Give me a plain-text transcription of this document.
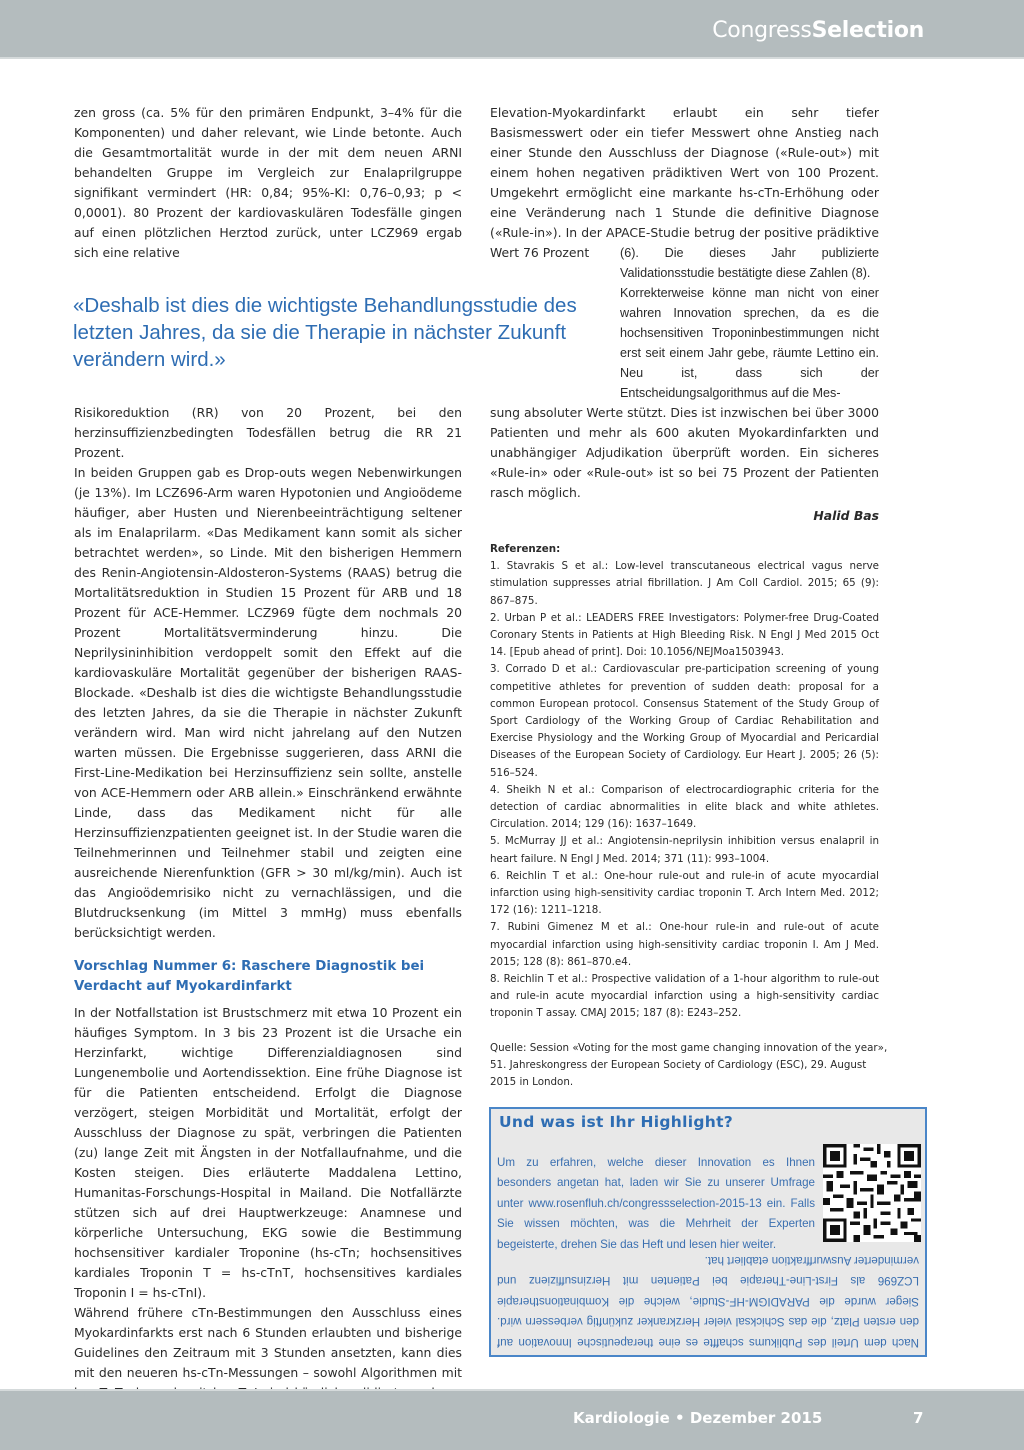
CongressSelection

zen gross (ca. 5% für den primären Endpunkt, 3–4% für die Komponenten) und daher relevant, wie Linde betonte. Auch die Gesamtmortalität wurde in der mit dem neuen ARNI behandelten Gruppe im Vergleich zur Enalaprilgruppe signifikant vermindert (HR: 0,84; 95%-KI: 0,76–0,93; p < 0,0001). 80 Prozent der kardiovaskulären Todesfälle gingen auf einen plötzlichen Herztod zurück, unter LCZ969 ergab sich eine relative

Elevation-Myokardinfarkt erlaubt ein sehr tiefer Basismesswert oder ein tiefer Messwert ohne Anstieg nach einer Stunde den Ausschluss der Diagnose («Rule-out») mit einem hohen negativen prädiktiven Wert von 100 Prozent. Umgekehrt ermöglicht eine markante hs-cTn-Erhöhung oder eine Veränderung nach 1 Stunde die definitive Diagnose («Rule-in»). In der APACE-Studie betrug der positive prädiktive Wert 76 Prozent

«Deshalb ist dies die wichtigste Behandlungsstudie des letzten Jahres, da sie die Therapie in nächster Zukunft verändern wird.»

(6). Die dieses Jahr publizierte Validationsstudie bestätigte diese Zahlen (8).

Korrekterweise könne man nicht von einer wahren Innovation sprechen, da es die hochsensitiven Troponinbestimmungen nicht erst seit einem Jahr gebe, räumte Lettino ein. Neu ist, dass sich der Entscheidungsalgorithmus auf die Mes-

Risikoreduktion (RR) von 20 Prozent, bei den herzinsuffizienzbedingten Todesfällen betrug die RR 21 Prozent.

In beiden Gruppen gab es Drop-outs wegen Nebenwirkungen (je 13%). Im LCZ696-Arm waren Hypotonien und Angioödeme häufiger, aber Husten und Nierenbeeinträchtigung seltener als im Enalaprilarm. «Das Medikament kann somit als sicher betrachtet werden», so Linde. Mit den bisherigen Hemmern des Renin-Angiotensin-Aldosteron-Systems (RAAS) betrug die Mortalitätsreduktion in Studien 15 Prozent für ARB und 18 Prozent für ACE-Hemmer. LCZ969 fügte dem nochmals 20 Prozent Mortalitätsverminderung hinzu. Die Neprilysininhibition verdoppelt somit den Effekt auf die kardiovaskuläre Mortalität gegenüber der bisherigen RAAS-Blockade. «Deshalb ist dies die wichtigste Behandlungsstudie des letzten Jahres, da sie die Therapie in nächster Zukunft verändern wird. Man wird nicht jahrelang auf den Nutzen warten müssen. Die Ergebnisse suggerieren, dass ARNI die First-Line-Medikation bei Herzinsuffizienz sein sollte, anstelle von ACE-Hemmern oder ARB allein.» Einschränkend erwähnte Linde, dass das Medikament nicht für alle Herzinsuffizienzpatienten geeignet ist. In der Studie waren die Teilnehmerinnen und Teilnehmer stabil und zeigten eine ausreichende Nierenfunktion (GFR > 30 ml/kg/min). Auch ist das Angioödemrisiko nicht zu vernachlässigen, und die Blutdrucksenkung (im Mittel 3 mmHg) muss ebenfalls berücksichtigt werden.

Vorschlag Nummer 6: Raschere Diagnostik bei Verdacht auf Myokardinfarkt

In der Notfallstation ist Brustschmerz mit etwa 10 Prozent ein häufiges Symptom. In 3 bis 23 Prozent ist die Ursache ein Herzinfarkt, wichtige Differenzialdiagnosen sind Lungenembolie und Aortendissektion. Eine frühe Diagnose ist für die Patienten entscheidend. Erfolgt die Diagnose verzögert, steigen Morbidität und Mortalität, erfolgt der Ausschluss der Diagnose zu spät, verbringen die Patienten (zu) lange Zeit mit Ängsten in der Notfallaufnahme, und die Kosten steigen. Dies erläuterte Maddalena Lettino, Humanitas-Forschungs-Hospital in Mailand. Die Notfallärzte stützen sich auf drei Hauptwerkzeuge: Anamnese und körperliche Untersuchung, EKG sowie die Bestimmung hochsensitiver kardialer Troponine (hs-cTn; hochsensitives kardiales Troponin T = hs-cTnT, hochsensitives kardiales Troponin I = hs-cTnI).

Während frühere cTn-Bestimmungen den Ausschluss eines Myokardinfarkts erst nach 6 Stunden erlaubten und bisherige Guidelines den Zeitraum mit 3 Stunden ansetzten, kann dies mit den neueren hs-cTn-Messungen – sowohl Algorithmen mit

sung absoluter Werte stützt. Dies ist inzwischen bei über 3000 Patienten und mehr als 600 akuten Myokardinfarkten und unabhängiger Adjudikation überprüft worden. Ein sicheres «Rule-in» oder «Rule-out» ist so bei 75 Prozent der Patienten rasch möglich.

Halid Bas

Referenzen:

1. Stavrakis S et al.: Low-level transcutaneous electrical vagus nerve stimulation suppresses atrial fibrillation. J Am Coll Cardiol. 2015; 65 (9): 867–875.

2. Urban P et al.: LEADERS FREE Investigators: Polymer-free Drug-Coated Coronary Stents in Patients at High Bleeding Risk. N Engl J Med 2015 Oct 14. [Epub ahead of print]. Doi: 10.1056/NEJMoa1503943.

3. Corrado D et al.: Cardiovascular pre-participation screening of young competitive athletes for prevention of sudden death: proposal for a common European protocol. Consensus Statement of the Study Group of Sport Cardiology of the Working Group of Cardiac Rehabilitation and Exercise Physiology and the Working Group of Myocardial and Pericardial Diseases of the European Society of Cardiology. Eur Heart J. 2005; 26 (5): 516–524.

4. Sheikh N et al.: Comparison of electrocardiographic criteria for the detection of cardiac abnormalities in elite black and white athletes. Circulation. 2014; 129 (16): 1637–1649.

5. McMurray JJ et al.: Angiotensin-neprilysin inhibition versus enalapril in heart failure. N Engl J Med. 2014; 371 (11): 993–1004.

6. Reichlin T et al.: One-hour rule-out and rule-in of acute myocardial infarction using high-sensitivity cardiac troponin T. Arch Intern Med. 2012; 172 (16): 1211–1218.

7. Rubini Gimenez M et al.: One-hour rule-in and rule-out of acute myocardial infarction using high-sensitivity cardiac troponin I. Am J Med. 2015; 128 (8): 861–870.e4.

8. Reichlin T et al.: Prospective validation of a 1-hour algorithm to rule-out and rule-in acute myocardial infarction using a high-sensitivity cardiac troponin T assay. CMAJ 2015; 187 (8): E243–252.

Quelle: Session «Voting for the most game changing innovation of the year», 51. Jahreskongress der European Society of Cardiology (ESC), 29. August 2015 in London.
Und was ist Ihr Highlight?
Um zu erfahren, welche dieser Innovation es Ihnen besonders angetan hat, laden wir Sie zu unserer Umfrage unter www.rosenfluh.ch/congressselection-2015-13 ein. Falls Sie wissen möchten, was die Mehrheit der Experten begeisterte, drehen Sie das Heft und lesen hier weiter.
Nach dem Urteil des Publikums schaffte es eine therapeutische Innovation auf den ersten Platz, die das Schicksal vieler Herzkranker zukünftig verbessern wird. Sieger wurde die PARADIGM-HF-Studie, welche die Kombinationstherapie LCZ696 als First-Line-Therapie bei Patienten mit Herzinsuffizienz und verminderter Auswurffraktion etabliert hat.
Kardiologie • Dezember 2015	7
